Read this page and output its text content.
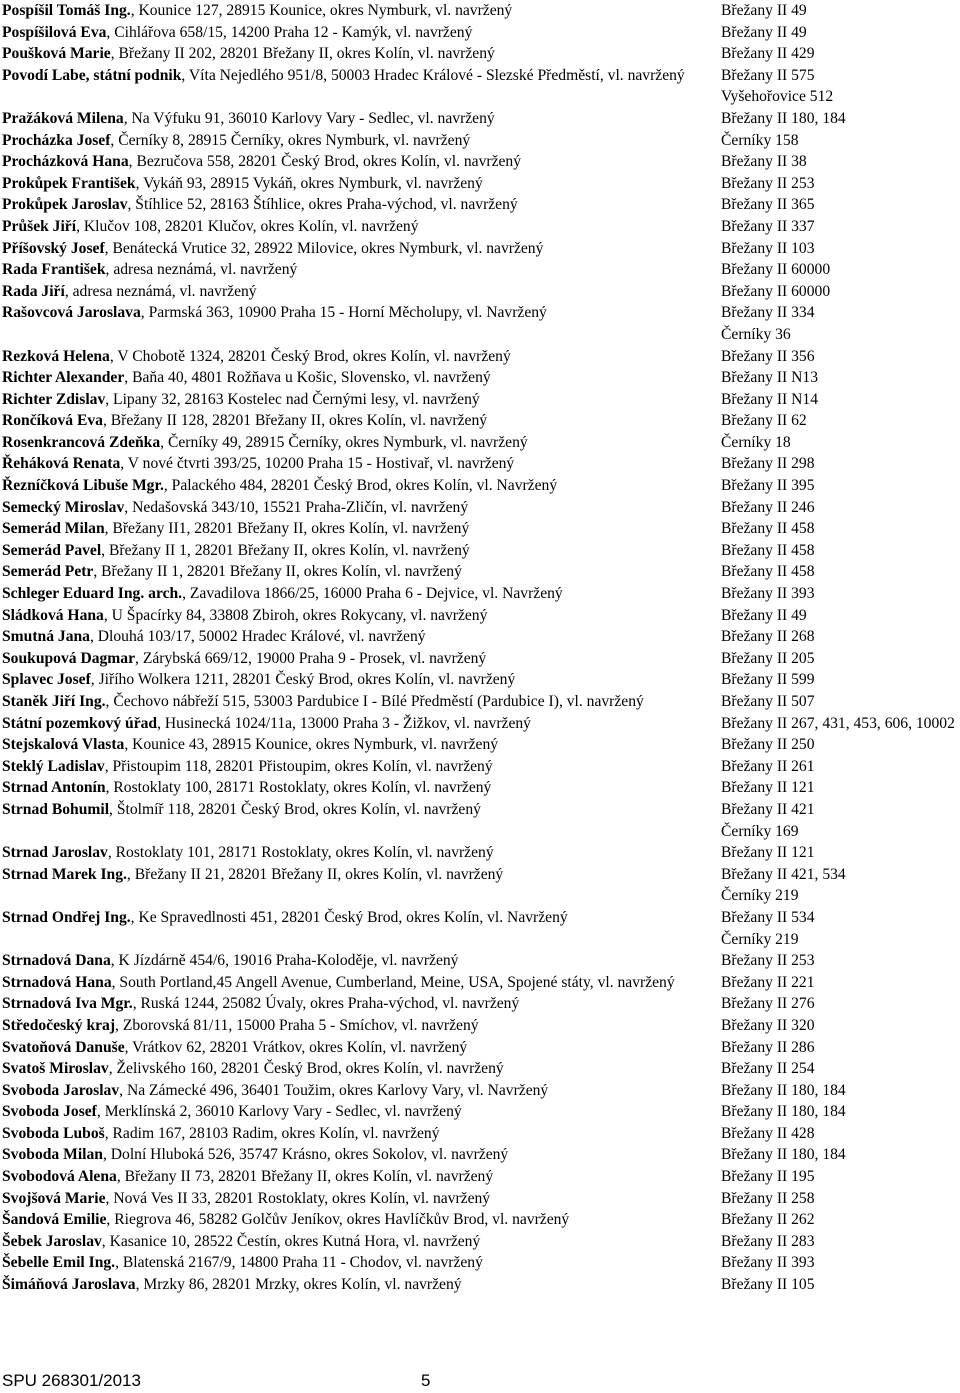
Pospíšil Tomáš Ing., Kounice 127, 28915 Kounice, okres Nymburk, vl. navržený	Břežany II 49
Pospíšilová Eva, Cihlářova 658/15, 14200 Praha 12 - Kamýk, vl. navržený	Břežany II 49
Poušková Marie, Břežany II 202, 28201 Břežany II, okres Kolín, vl. navržený	Břežany II 429
Povodí Labe, státní podnik, Víta Nejedlého 951/8, 50003 Hradec Králové - Slezské Předměstí, vl. navržený	Břežany II 575
Vyšehořovice 512
Pražáková Milena, Na Výfuku 91, 36010 Karlovy Vary - Sedlec, vl. navržený	Břežany II 180, 184
Procházka Josef, Černíky 8, 28915 Černíky, okres Nymburk, vl. navržený	Černíky 158
Procházková Hana, Bezručova 558, 28201 Český Brod, okres Kolín, vl. navržený	Břežany II 38
Prokůpek František, Vykáň 93, 28915 Vykáň, okres Nymburk, vl. navržený	Břežany II 253
Prokůpek Jaroslav, Štíhlice 52, 28163 Štíhlice, okres Praha-východ, vl. navržený	Břežany II 365
Průšek Jiří, Klučov 108, 28201 Klučov, okres Kolín, vl. navržený	Břežany II 337
Příšovský Josef, Benátecká Vrutice 32, 28922 Milovice, okres Nymburk, vl. navržený	Břežany II 103
Rada František, adresa neznámá, vl. navržený	Břežany II 60000
Rada Jiří, adresa neznámá, vl. navržený	Břežany II 60000
Rašovcová Jaroslava, Parmská 363, 10900 Praha 15 - Horní Měcholupy, vl. Navržený	Břežany II 334
Černíky 36
Rezková Helena, V Chobotě 1324, 28201 Český Brod, okres Kolín, vl. navržený	Břežany II 356
Richter Alexander, Baňa 40, 4801 Rožňava u Košic, Slovensko, vl. navržený	Břežany II N13
Richter Zdislav, Lipany 32, 28163 Kostelec nad Černými lesy, vl. navržený	Břežany II N14
Rončíková Eva, Břežany II 128, 28201 Břežany II, okres Kolín, vl. navržený	Břežany II 62
Rosenkrancová Zdeňka, Černíky 49, 28915 Černíky, okres Nymburk, vl. navržený	Černíky 18
Řeháková Renata, V nové čtvrti 393/25, 10200 Praha 15 - Hostivař, vl. navržený	Břežany II 298
Řezníčková Libuše Mgr., Palackého 484, 28201 Český Brod, okres Kolín, vl. Navržený	Břežany II 395
Semecký Miroslav, Nedašovská 343/10, 15521 Praha-Zličín, vl. navržený	Břežany II 246
Semerád Milan, Břežany II1, 28201 Břežany II, okres Kolín, vl. navržený	Břežany II 458
Semerád Pavel, Břežany II 1, 28201 Břežany II, okres Kolín, vl. navržený	Břežany II 458
Semerád Petr, Břežany II 1, 28201 Břežany II, okres Kolín, vl. navržený	Břežany II 458
Schleger Eduard Ing. arch., Zavadilova 1866/25, 16000 Praha 6 - Dejvice, vl. Navržený	Břežany II 393
Sládková Hana, U Špacírky 84, 33808 Zbiroh, okres Rokycany, vl. navržený	Břežany II 49
Smutná Jana, Dlouhá 103/17, 50002 Hradec Králové, vl. navržený	Břežany II 268
Soukupová Dagmar, Zárybská 669/12, 19000 Praha 9 - Prosek, vl. navržený	Břežany II 205
Splavec Josef, Jiřího Wolkera 1211, 28201 Český Brod, okres Kolín, vl. navržený	Břežany II 599
Staněk Jiří Ing., Čechovo nábřeží 515, 53003 Pardubice I - Bílé Předměstí (Pardubice I), vl. navržený	Břežany II 507
Státní pozemkový úřad, Husinecká 1024/11a, 13000 Praha 3 - Žižkov, vl. navržený	Břežany II 267, 431, 453, 606, 10002
Stejskalová Vlasta, Kounice 43, 28915 Kounice, okres Nymburk, vl. navržený	Břežany II 250
Steklý Ladislav, Přistoupim 118, 28201 Přistoupim, okres Kolín, vl. navržený	Břežany II 261
Strnad Antonín, Rostoklaty 100, 28171 Rostoklaty, okres Kolín, vl. navržený	Břežany II 121
Strnad Bohumil, Štolmíř 118, 28201 Český Brod, okres Kolín, vl. navržený	Břežany II 421
Černíky 169
Strnad Jaroslav, Rostoklaty 101, 28171 Rostoklaty, okres Kolín, vl. navržený	Břežany II 121
Strnad Marek Ing., Břežany II 21, 28201 Břežany II, okres Kolín, vl. navržený	Břežany II 421, 534
Černíky 219
Strnad Ondřej Ing., Ke Spravedlnosti 451, 28201 Český Brod, okres Kolín, vl. Navržený	Břežany II 534
Černíky 219
Strnadová Dana, K Jízdárně 454/6, 19016 Praha-Koloděje, vl. navržený	Břežany II 253
Strnadová Hana, South Portland,45 Angell Avenue, Cumberland, Meine, USA, Spojené státy, vl. navržený	Břežany II 221
Strnadová Iva Mgr., Ruská 1244, 25082 Úvaly, okres Praha-východ, vl. navržený	Břežany II 276
Středočeský kraj, Zborovská 81/11, 15000 Praha 5 - Smíchov, vl. navržený	Břežany II 320
Svatoňová Danuše, Vrátkov 62, 28201 Vrátkov, okres Kolín, vl. navržený	Břežany II 286
Svatoš Miroslav, Želivského 160, 28201 Český Brod, okres Kolín, vl. navržený	Břežany II 254
Svoboda Jaroslav, Na Zámecké 496, 36401 Toužim, okres Karlovy Vary, vl. Navržený	Břežany II 180, 184
Svoboda Josef, Merklínská 2, 36010 Karlovy Vary - Sedlec, vl. navržený	Břežany II 180, 184
Svoboda Luboš, Radim 167, 28103 Radim, okres Kolín, vl. navržený	Břežany II 428
Svoboda Milan, Dolní Hluboká 526, 35747 Krásno, okres Sokolov, vl. navržený	Břežany II 180, 184
Svobodová Alena, Břežany II 73, 28201 Břežany II, okres Kolín, vl. navržený	Břežany II 195
Svojšová Marie, Nová Ves II 33, 28201 Rostoklaty, okres Kolín, vl. navržený	Břežany II 258
Šandová Emilie, Riegrova 46, 58282 Golčův Jeníkov, okres Havlíčkův Brod, vl. navržený	Břežany II 262
Šebek Jaroslav, Kasanice 10, 28522 Čestín, okres Kutná Hora, vl. navržený	Břežany II 283
Šebelle Emil Ing., Blatenská 2167/9, 14800 Praha 11 - Chodov, vl. navržený	Břežany II 393
Šimáňová Jaroslava, Mrzky 86, 28201 Mrzky, okres Kolín, vl. navržený	Břežany II 105
SPU 268301/2013	5
